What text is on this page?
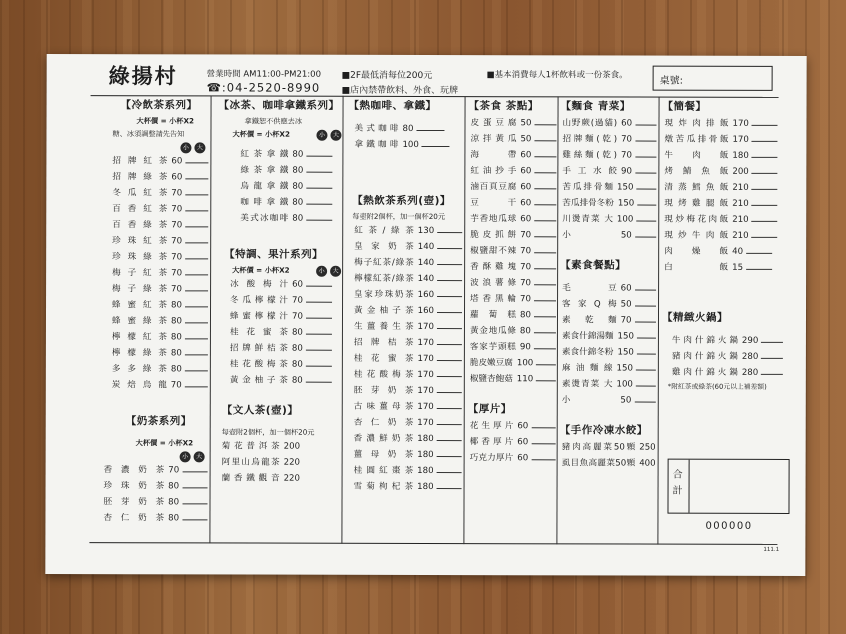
綠揚村	營業時間 AM11:00-PM21:00
☎:04-2520-8990
■2F最低消每位200元
■店內禁帶飲料、外食、玩牌
■基本消費每人1杯飲料或一份茶食。
桌號:
【冷飲茶系列】
大杯價 = 小杯X2
糖、冰須調整請先告知
小	大
招牌紅茶 60
招牌綠茶 60
冬瓜紅茶 70
百香紅茶 70
百香綠茶 70
珍珠紅茶 70
珍珠綠茶 70
梅子紅茶 70
梅子綠茶 70
蜂蜜紅茶 80
蜂蜜綠茶 80
檸檬紅茶 80
檸檬綠茶 80
多多綠茶 80
炭焙烏龍 70
【奶茶系列】
大杯價 = 小杯X2
小	大
香濃奶茶 70
珍珠奶茶 80
胚芽奶茶 80
杏仁奶茶 80
【冰茶、咖啡拿鐵系列】
拿鐵恕不供應去冰
大杯價 = 小杯X2	小	大
紅茶拿鐵 80
綠茶拿鐵 80
烏龍拿鐵 80
咖啡拿鐵 80
美式冰咖啡 80
【特調、果汁系列】
大杯價 = 小杯X2	小	大
冰酸梅汁 60
冬瓜檸檬汁 70
蜂蜜檸檬汁 70
桂花蜜茶 80
招牌鮮桔茶 80
桂花酸梅茶 80
黃金柚子茶 80
【文人茶(壺)】
每壺附2個杯，加一個杯20元
菊花普洱茶 200
阿里山烏龍茶 220
蘭香鐵觀音 220
【熱咖啡、拿鐵】
美式咖啡 80
拿鐵咖啡 100
【熱飲茶系列(壺)】
每壺附2個杯，加一個杯20元
紅茶/綠茶 130
皇家奶茶 140
梅子紅茶/綠茶 140
檸檬紅茶/綠茶 140
皇家珍珠奶茶 160
黃金柚子茶 160
生薑養生茶 170
招牌桔茶 170
桂花蜜茶 170
桂花酸梅茶 170
胚芽奶茶 170
古味薑母茶 170
杏仁奶茶 170
香濃鮮奶茶 180
薑母奶茶 180
桂圓紅棗茶 180
雪菊枸杞茶 180
【茶食 茶點】
皮蛋豆腐 50
涼拌黃瓜 50
海帶 60
紅油抄手 60
滷百頁豆腐 60
豆干 60
芋香地瓜球 60
脆皮抓餅 70
椒鹽甜不辣 70
香酥雞塊 70
波浪薯條 70
塔香黑輪 70
蘿蔔糕 80
黃金地瓜條 80
客家芋頭糕 90
脆皮嫩豆腐 100
椒鹽杏鮑菇 110
【厚片】
花生厚片 60
椰香厚片 60
巧克力厚片 60
【麵食 青菜】
山野蕨(過貓) 60
招牌麵(乾) 70
雞絲麵(乾) 70
手工水餃 90
苦瓜排骨麵 150
苦瓜排骨冬粉 150
川燙青菜 大 100
小	50
【素食餐點】
毛豆 60
客家Q梅 50
素乾麵 70
素食什錦湯麵 150
素食什錦冬粉 150
麻油麵線 150
素燙青菜 大 100
小	50
【手作冷凍水餃】
豬肉高麗菜50顆 250
虱目魚高麗菜50顆 400
【簡餐】
現炸肉排飯 170
燉苦瓜排骨飯 170
牛肉飯 180
烤鯖魚飯 200
清蒸鱈魚飯 210
現烤雞腿飯 210
現炒梅花肉飯 210
現炒牛肉飯 210
肉燥飯 40
白飯 15
【精緻火鍋】
牛肉什錦火鍋 290
豬肉什錦火鍋 280
雞肉什錦火鍋 280
*附紅茶或綠茶(60元以上補差額)
合計
000000
111.1
